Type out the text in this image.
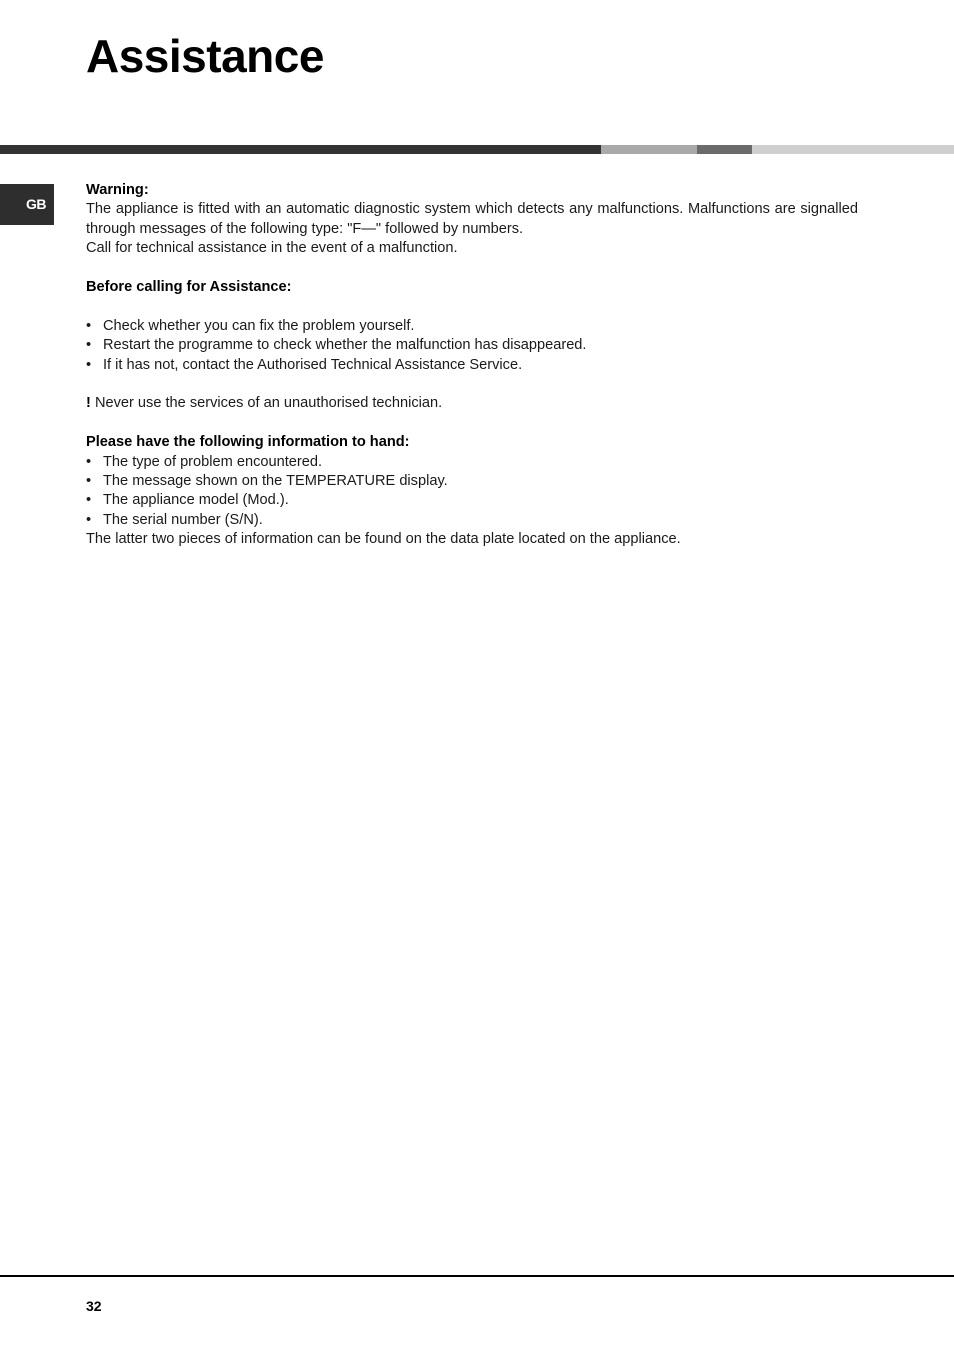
Assistance
GB

Warning:

The appliance is fitted with an automatic diagnostic system which detects any malfunctions. Malfunctions are signalled through messages of the following type: "F—" followed by numbers.

Call for technical assistance in the event of a malfunction.

Before calling for Assistance:

• Check whether you can fix the problem yourself.
• Restart the programme to check whether the malfunction has disappeared.
• If it has not, contact the Authorised Technical Assistance Service.

! Never use the services of an unauthorised technician.

Please have the following information to hand:

• The type of problem encountered.
• The message shown on the TEMPERATURE display.
• The appliance model (Mod.).
• The serial number (S/N).

The latter two pieces of information can be found on the data plate located on the appliance.

32
